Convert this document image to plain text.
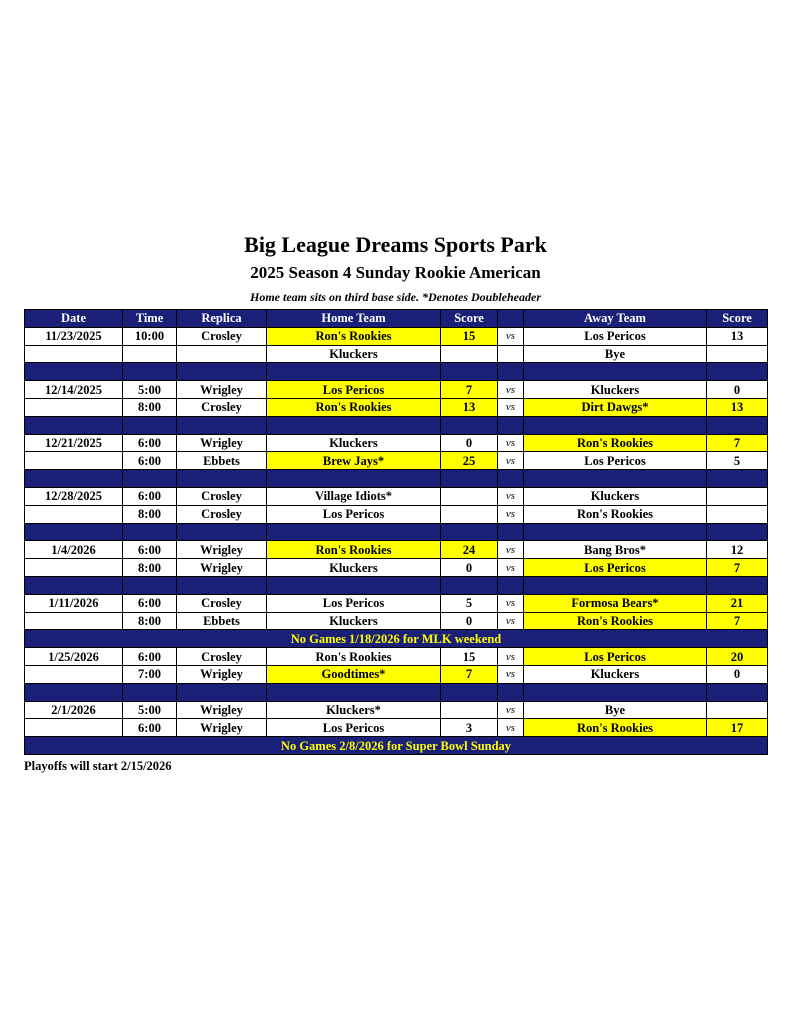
Big League Dreams Sports Park
2025 Season 4 Sunday Rookie American
Home team sits on third base side. *Denotes Doubleheader
Date	Time	Replica	Home Team	Score		Away Team	Score
11/23/2025	10:00	Crosley	Ron's Rookies	15	vs	Los Pericos	13
			Kluckers			Bye	

12/14/2025	5:00	Wrigley	Los Pericos	7	vs	Kluckers	0
	8:00	Crosley	Ron's Rookies	13	vs	Dirt Dawgs*	13

12/21/2025	6:00	Wrigley	Kluckers	0	vs	Ron's Rookies	7
	6:00	Ebbets	Brew Jays*	25	vs	Los Pericos	5

12/28/2025	6:00	Crosley	Village Idiots*		vs	Kluckers	
	8:00	Crosley	Los Pericos		vs	Ron's Rookies	

1/4/2026	6:00	Wrigley	Ron's Rookies	24	vs	Bang Bros*	12
	8:00	Wrigley	Kluckers	0	vs	Los Pericos	7

1/11/2026	6:00	Crosley	Los Pericos	5	vs	Formosa Bears*	21
	8:00	Ebbets	Kluckers	0	vs	Ron's Rookies	7
No Games 1/18/2026 for MLK weekend							
1/25/2026	6:00	Crosley	Ron's Rookies	15	vs	Los Pericos	20
	7:00	Wrigley	Goodtimes*	7	vs	Kluckers	0

2/1/2026	5:00	Wrigley	Kluckers*		vs	Bye	
	6:00	Wrigley	Los Pericos	3	vs	Ron's Rookies	17
No Games 2/8/2026 for Super Bowl Sunday							
Playoffs will start 2/15/2026
